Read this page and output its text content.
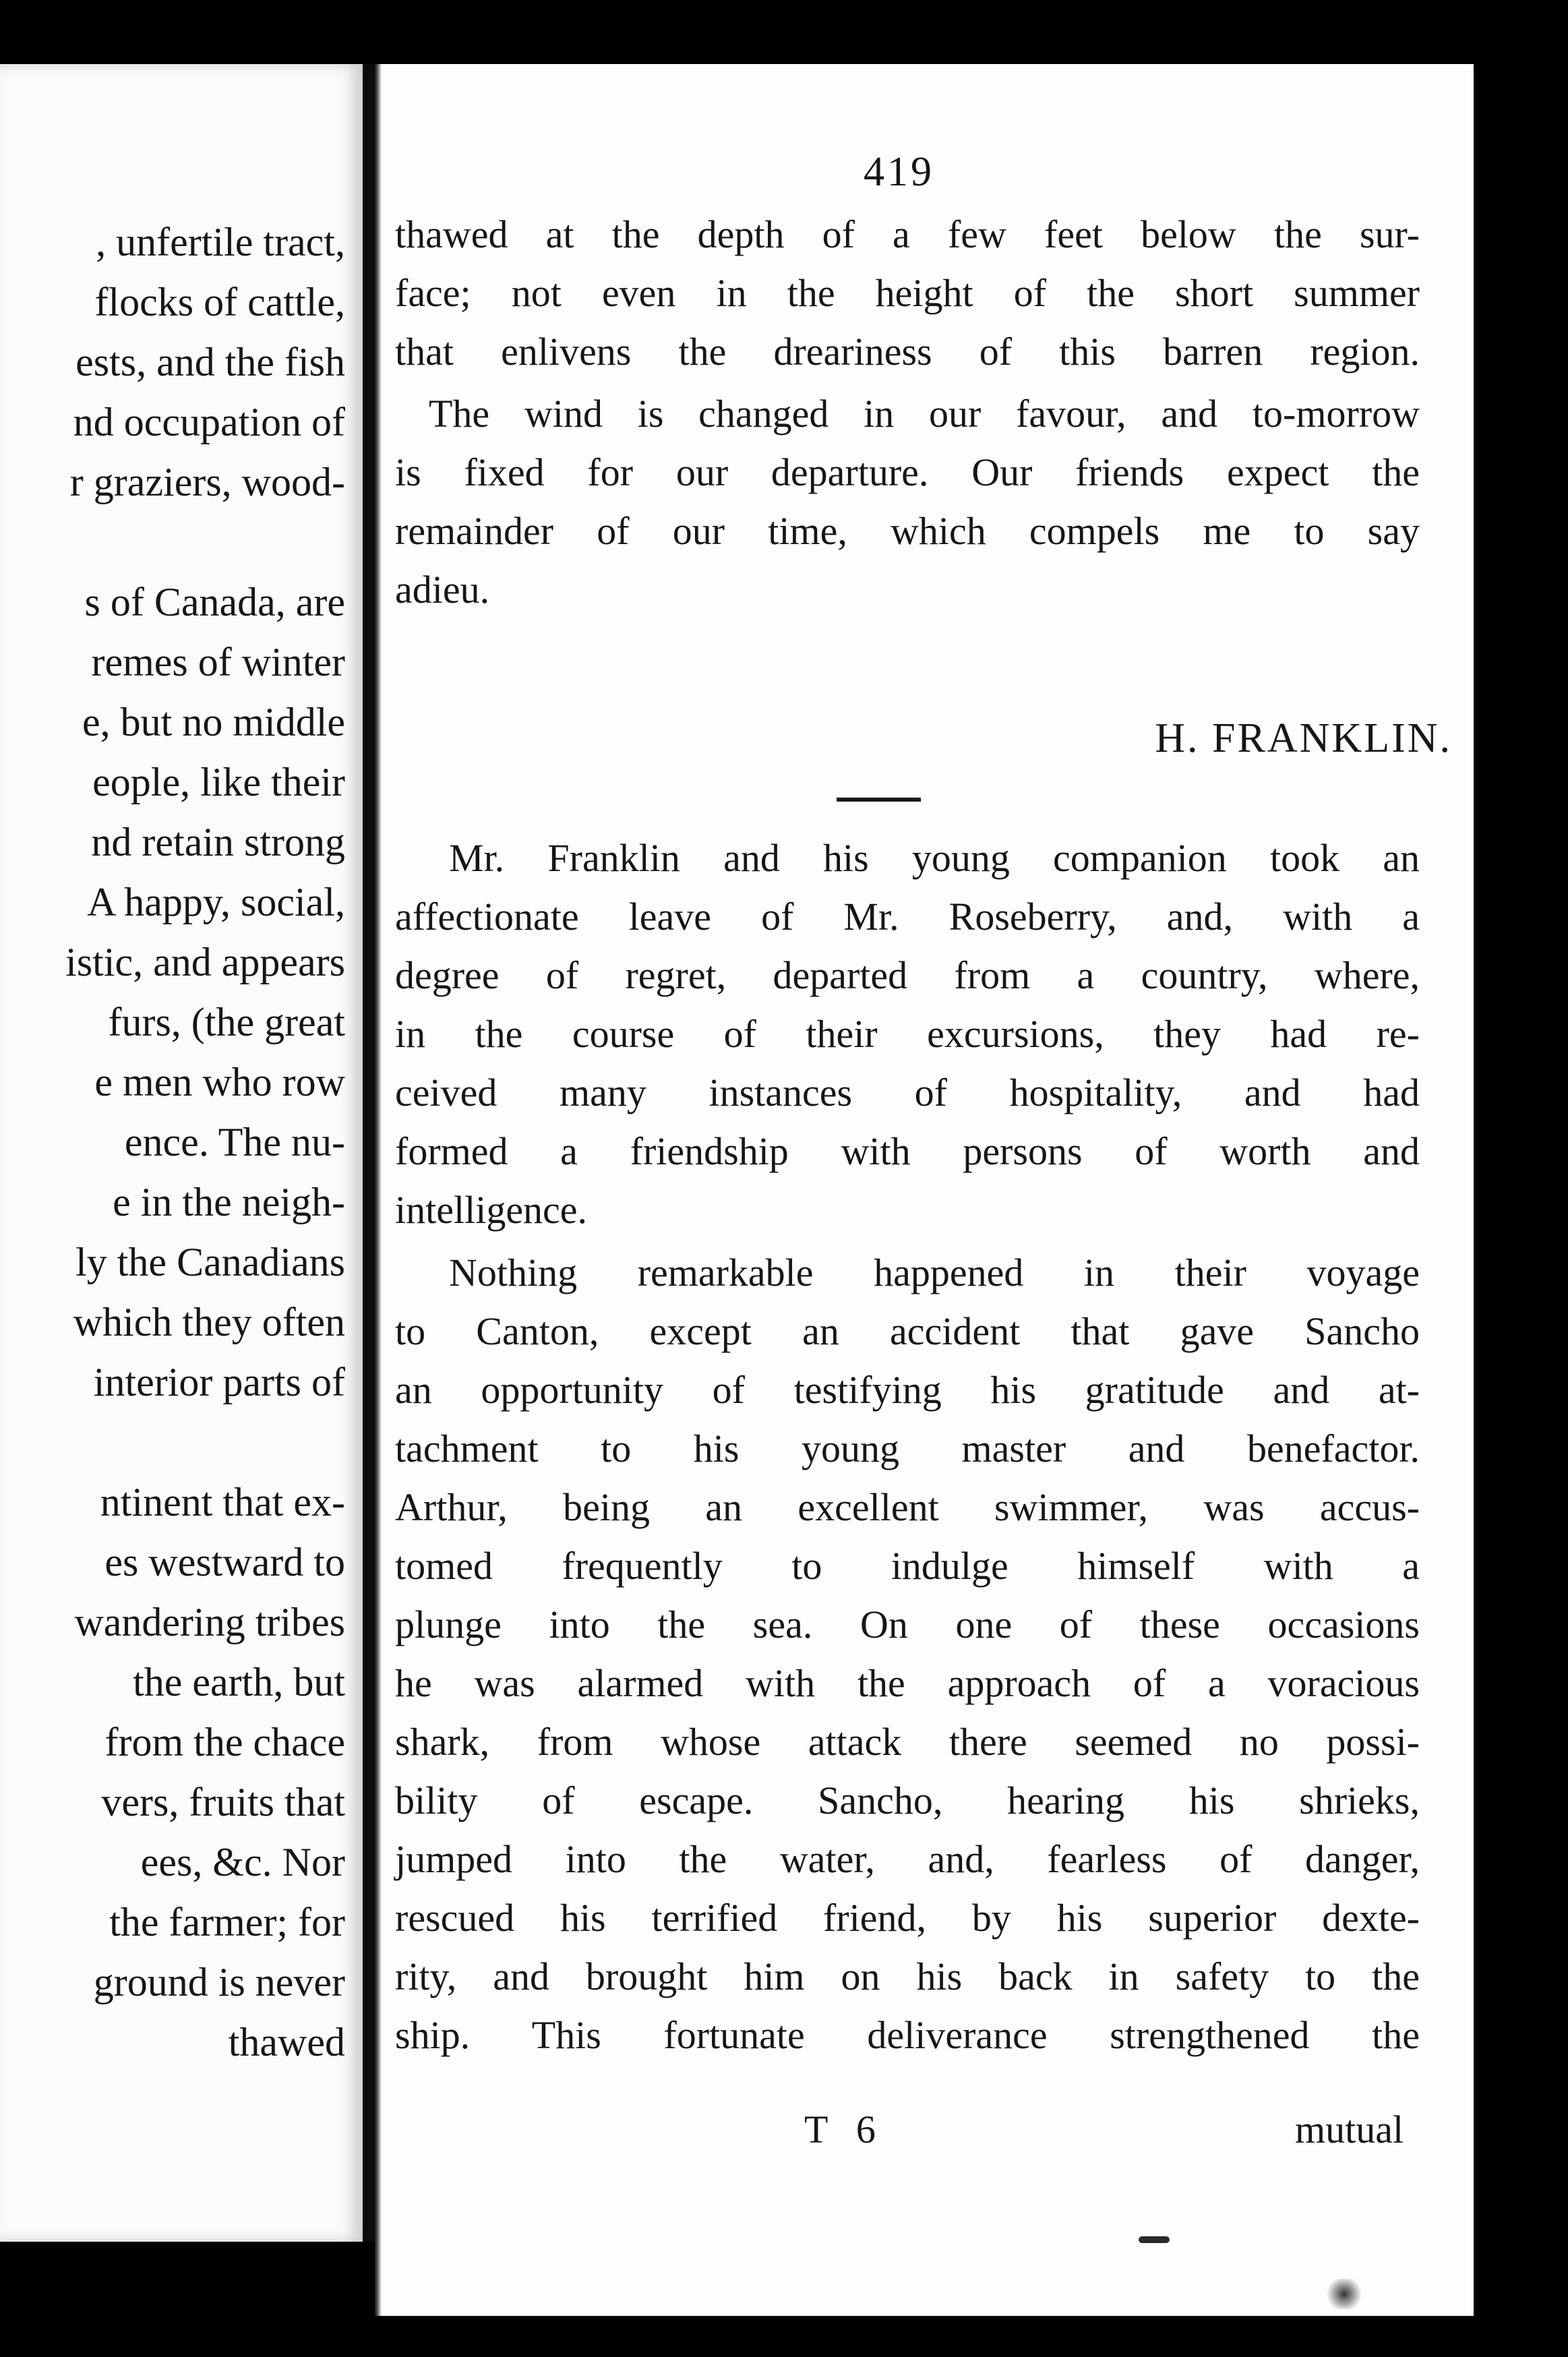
, unfertile tract,
flocks of cattle,
ests, and the fish
nd occupation of
r graziers, wood-
s of Canada, are
remes of winter
e, but no middle
eople, like their
nd retain strong
A happy, social,
istic, and appears
furs, (the great
e men who row
ence. The nu-
e in the neigh-
ly the Canadians
which they often
interior parts of
ntinent that ex-
es westward to
wandering tribes
the earth, but
from the chace
vers, fruits that
ees, &c. Nor
the farmer; for
ground is never
thawed
419
thawed at the depth of a few feet below the sur-
face; not even in the height of the short summer
that enlivens the dreariness of this barren region.
The wind is changed in our favour, and to-morrow
is fixed for our departure. Our friends expect the
remainder of our time, which compels me to say
adieu.
Mr. Franklin and his young companion took an
affectionate leave of Mr. Roseberry, and, with a
degree of regret, departed from a country, where,
in the course of their excursions, they had re-
ceived many instances of hospitality, and had
formed a friendship with persons of worth and
intelligence.
Nothing remarkable happened in their voyage
to Canton, except an accident that gave Sancho
an opportunity of testifying his gratitude and at-
tachment to his young master and benefactor.
Arthur, being an excellent swimmer, was accus-
tomed frequently to indulge himself with a
plunge into the sea. On one of these occasions
he was alarmed with the approach of a voracious
shark, from whose attack there seemed no possi-
bility of escape. Sancho, hearing his shrieks,
jumped into the water, and, fearless of danger,
rescued his terrified friend, by his superior dexte-
rity, and brought him on his back in safety to the
ship. This fortunate deliverance strengthened the
H. FRANKLIN.
T 6	mutual
